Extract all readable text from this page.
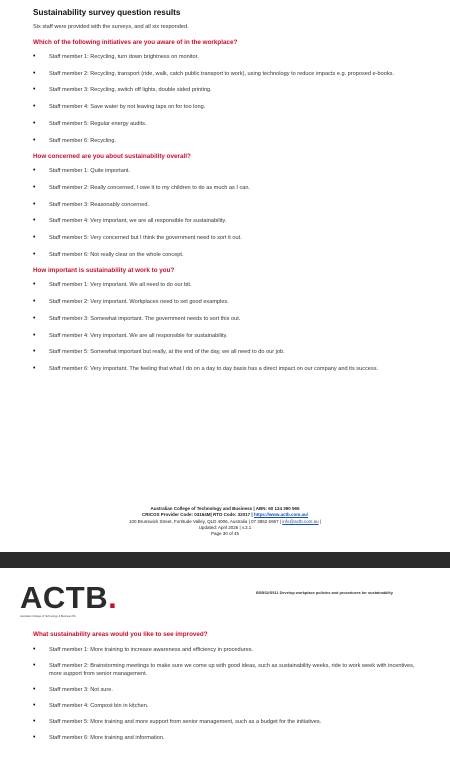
Sustainability survey question results
Six staff were provided with the surveys, and all six responded.
Which of the following initiatives are you aware of in the workplace?
• Staff member 1: Recycling, turn down brightness on monitor.
• Staff member 2: Recycling, transport (ride, walk, catch public transport to work), using technology to reduce impacts e.g. proposed e-books.
• Staff member 3: Recycling, switch off lights, double sided printing.
• Staff member 4: Save water by not leaving taps on for too long.
• Staff member 5: Regular energy audits.
• Staff member 6: Recycling.
How concerned are you about sustainability overall?
• Staff member 1: Quite important.
• Staff member 2: Really concerned. I owe it to my children to do as much as I can.
• Staff member 3: Reasonably concerned.
• Staff member 4: Very important, we are all responsible for sustainability.
• Staff member 5: Very concerned but I think the government need to sort it out.
• Staff member 6: Not really clear on the whole concept.
How important is sustainability at work to you?
• Staff member 1: Very important. We all need to do our bit.
• Staff member 2: Very important. Workplaces need to set good examples.
• Staff member 3: Somewhat important. The government needs to sort this out.
• Staff member 4: Very important. We are all responsible for sustainability.
• Staff member 5: Somewhat important but really, at the end of the day, we all need to do our job.
• Staff member 6: Very important. The feeling that what I do on a day to day basis has a direct impact on our company and its success.
Australian College of Technology and Business | ABN: 60 124 390 565
CRICOS Provider Code: 03164M| RTO Code: 32017 | https://www.actb.com.au/
100 Brunswick Street, Fortitude Valley, QLD 4006, Australia | 07 3852 6967 | info@actb.com.au |
Updated: April 2026 | v.3.1
Page 30 of 45
ACTB.
Australian College of Technology & Business P/L
BSBSUS511 Develop workplace policies and procedures for sustainability
What sustainability areas would you like to see improved?
• Staff member 1: More training to increase awareness and efficiency in procedures.
• Staff member 2: Brainstorming meetings to make sure we come up with good ideas, such as sustainability weeks, ride to work week with incentives, more support from senior management.
• Staff member 3: Not sure.
• Staff member 4: Compost bin in kitchen.
• Staff member 5: More training and more support from senior management, such as a budget for the initiatives.
• Staff member 6: More training and information.
